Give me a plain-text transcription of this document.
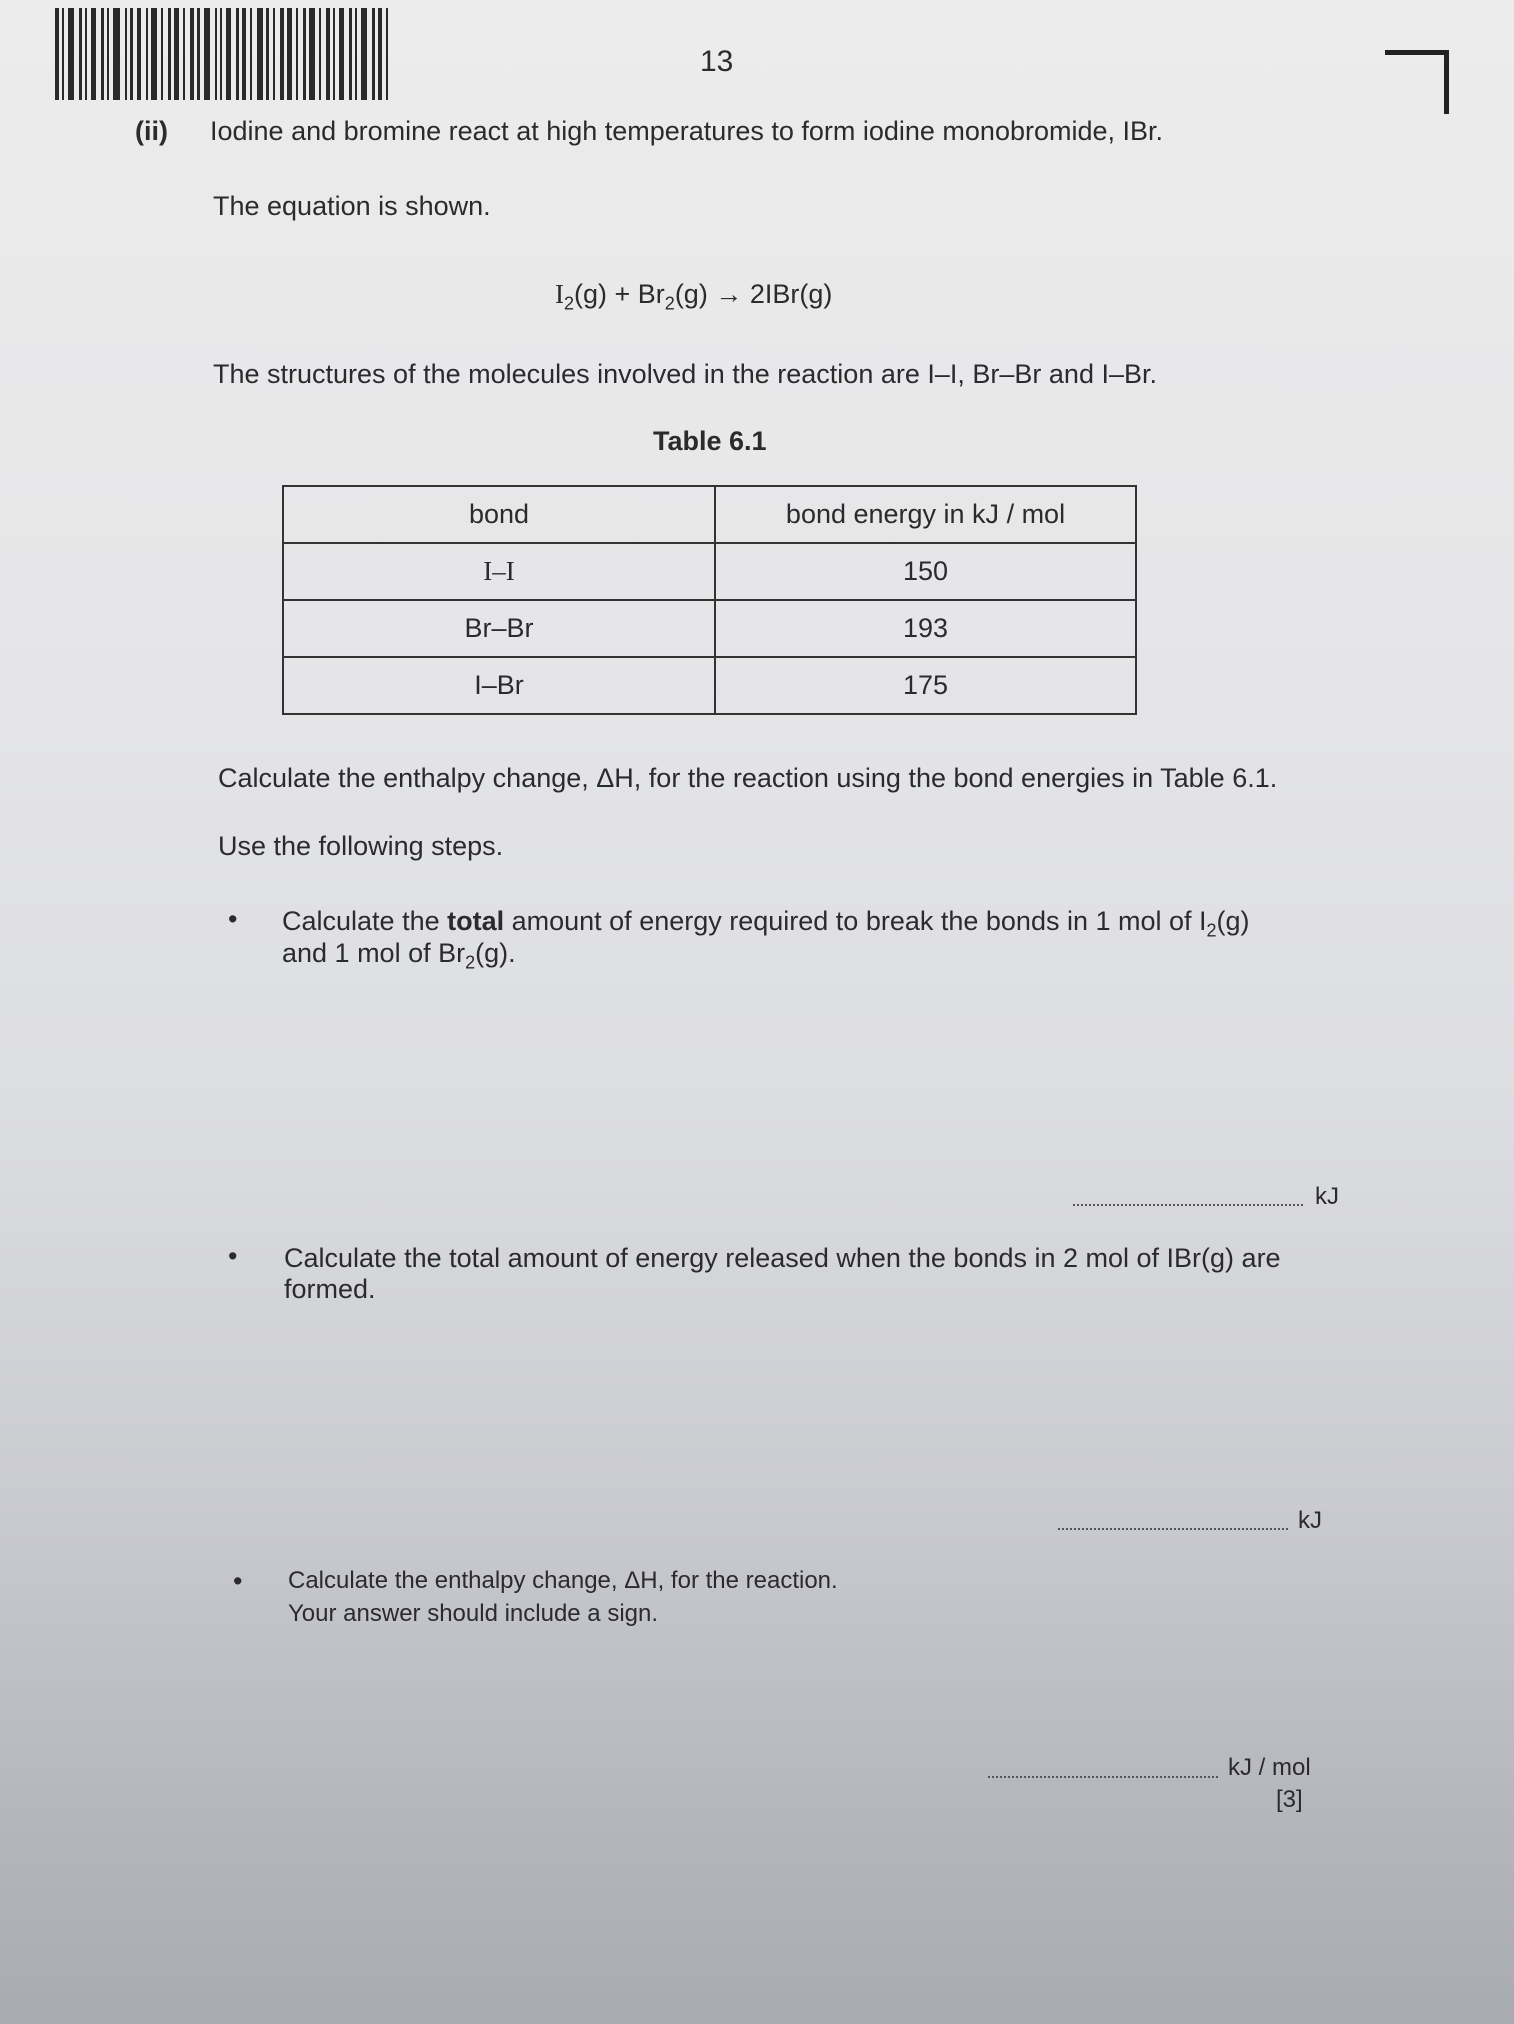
13
(ii) Iodine and bromine react at high temperatures to form iodine monobromide, IBr.
The equation is shown.
$I_2(g) + Br_2(g) \to 2IBr(g)$
The structures of the molecules involved in the reaction are I–I, Br–Br and I–Br.
Table 6.1
bond	bond energy in kJ / mol
I–I	150
Br–Br	193
I–Br	175
Calculate the enthalpy change, ΔH, for the reaction using the bond energies in Table 6.1.
Use the following steps.
• Calculate the total amount of energy required to break the bonds in 1 mol of $I_2(g)$
and 1 mol of $Br_2(g)$.
kJ
• Calculate the total amount of energy released when the bonds in 2 mol of IBr(g) are
formed.
kJ
• Calculate the enthalpy change, ΔH, for the reaction.
Your answer should include a sign.
kJ / mol
[3]
